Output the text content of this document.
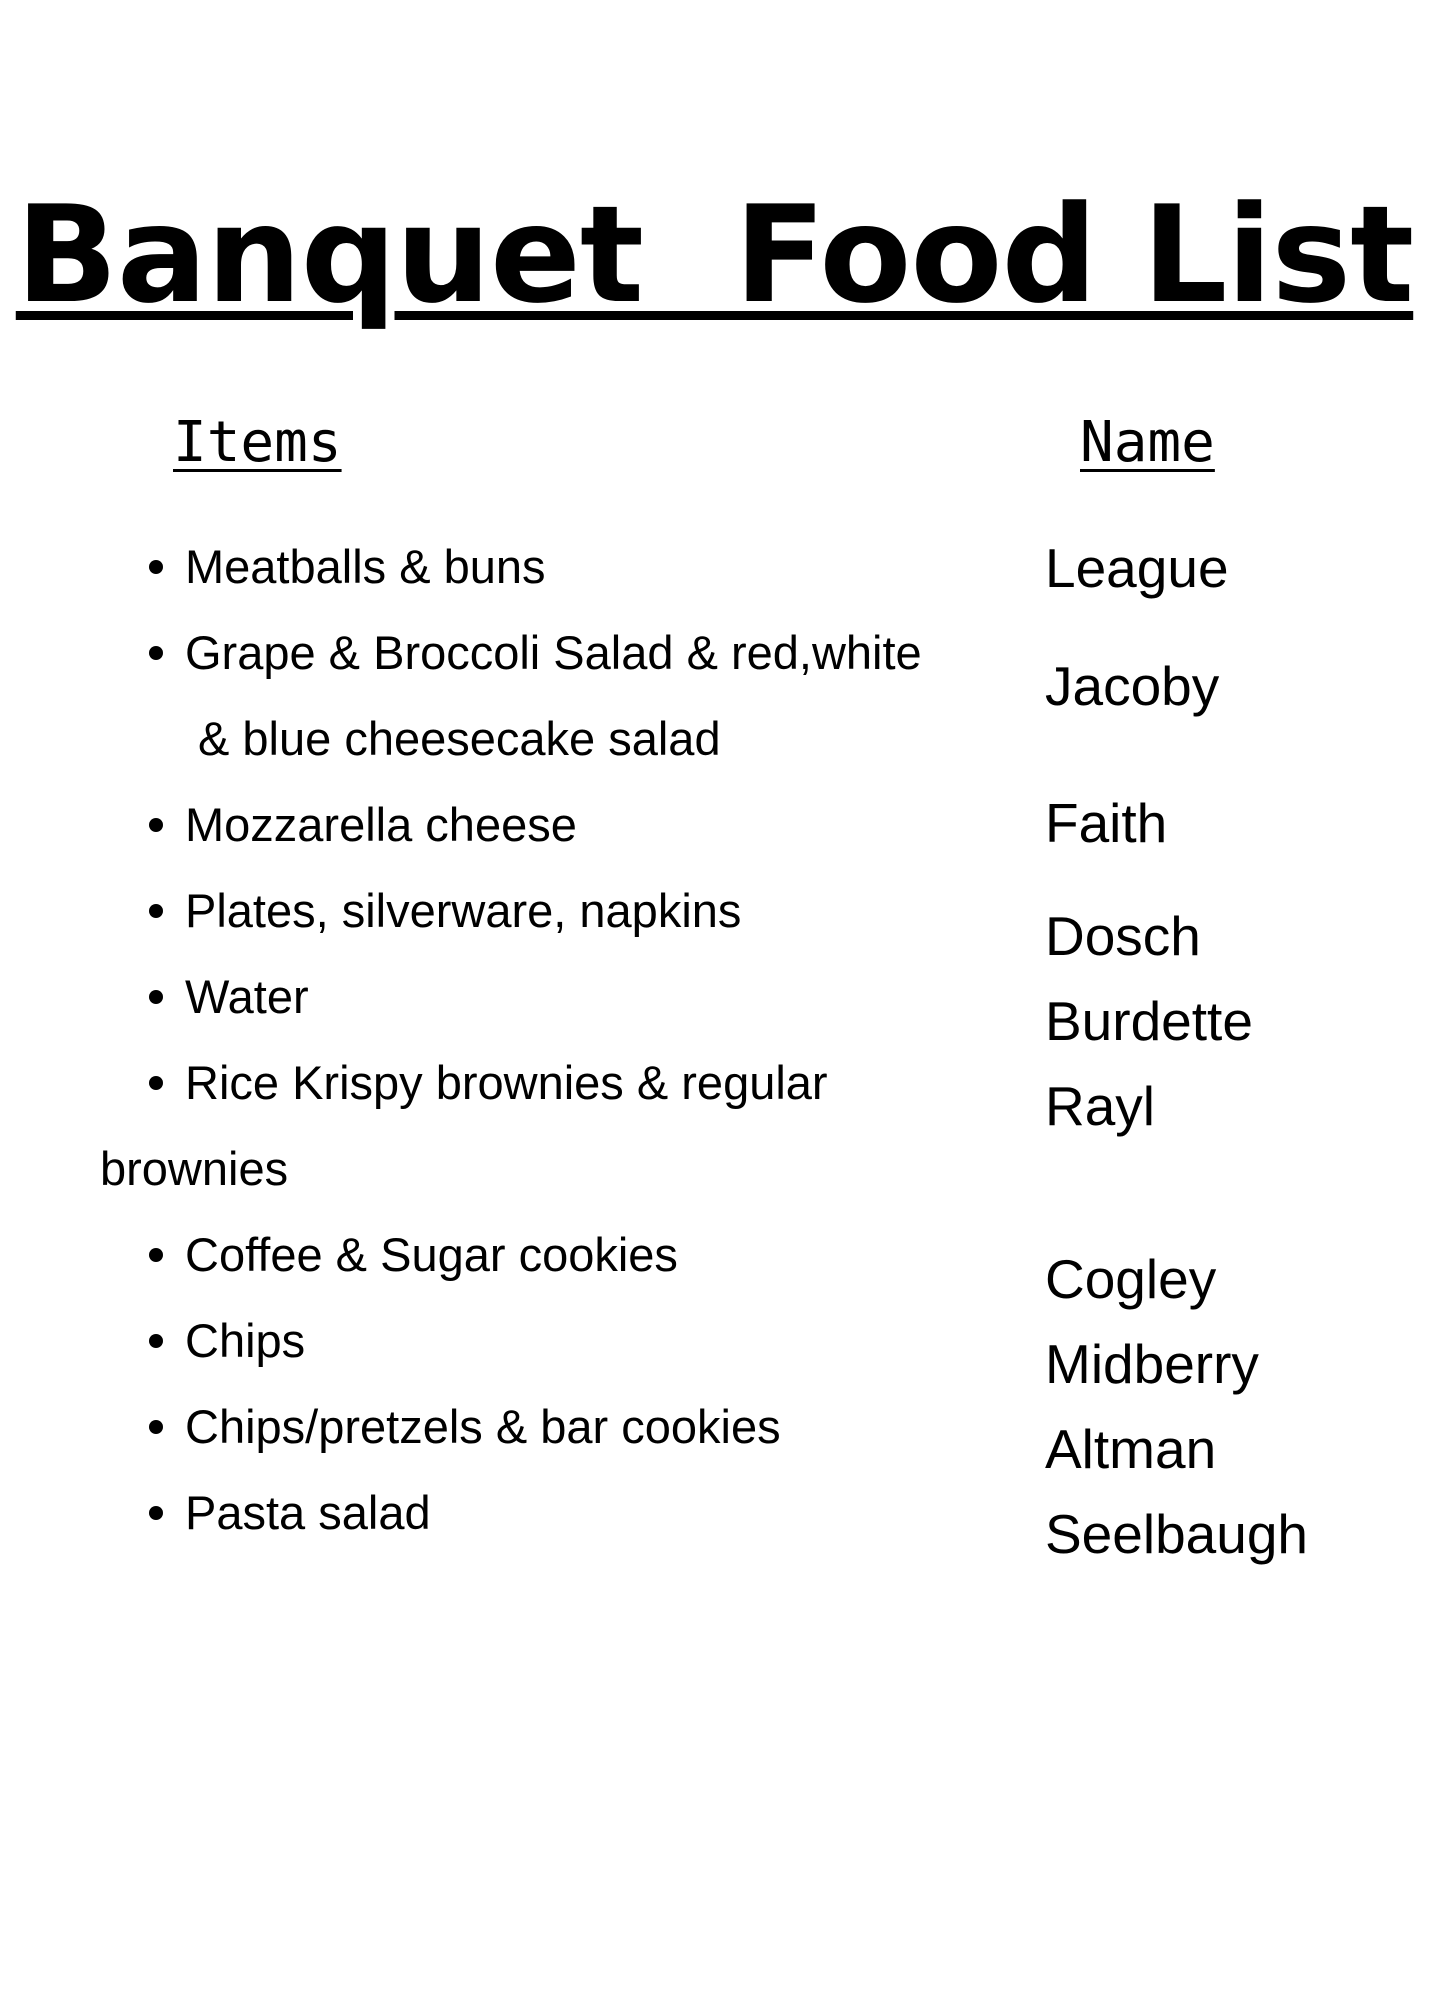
Banquet  Food List
Items	Name
Meatballs & buns
Grape & Broccoli Salad & red,white
& blue cheesecake salad
Mozzarella cheese
Plates, silverware, napkins
Water
Rice Krispy brownies & regular
brownies
Coffee & Sugar cookies
Chips
Chips/pretzels & bar cookies
Pasta salad
League
Jacoby
Faith
Dosch
Burdette
Rayl
Cogley
Midberry
Altman
Seelbaugh
